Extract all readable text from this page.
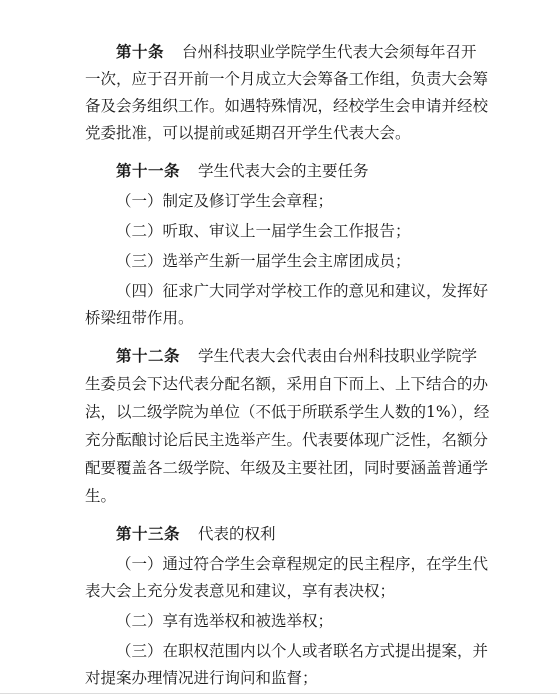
第十条 台州科技职业学院学生代表大会须每年召开
一次，应于召开前一个月成立大会筹备工作组，负责大会筹
备及会务组织工作。如遇特殊情况，经校学生会申请并经校
党委批准，可以提前或延期召开学生代表大会。
第十一条 学生代表大会的主要任务
（一）制定及修订学生会章程；
（二）听取、审议上一届学生会工作报告；
（三）选举产生新一届学生会主席团成员；
（四）征求广大同学对学校工作的意见和建议，发挥好
桥梁纽带作用。
第十二条 学生代表大会代表由台州科技职业学院学
生委员会下达代表分配名额，采用自下而上、上下结合的办
法，以二级学院为单位（不低于所联系学生人数的1%），经
充分酝酿讨论后民主选举产生。代表要体现广泛性，名额分
配要覆盖各二级学院、年级及主要社团，同时要涵盖普通学
生。
第十三条 代表的权利
（一）通过符合学生会章程规定的民主程序，在学生代
表大会上充分发表意见和建议，享有表决权；
（二）享有选举权和被选举权；
（三）在职权范围内以个人或者联名方式提出提案，并
对提案办理情况进行询问和监督；
